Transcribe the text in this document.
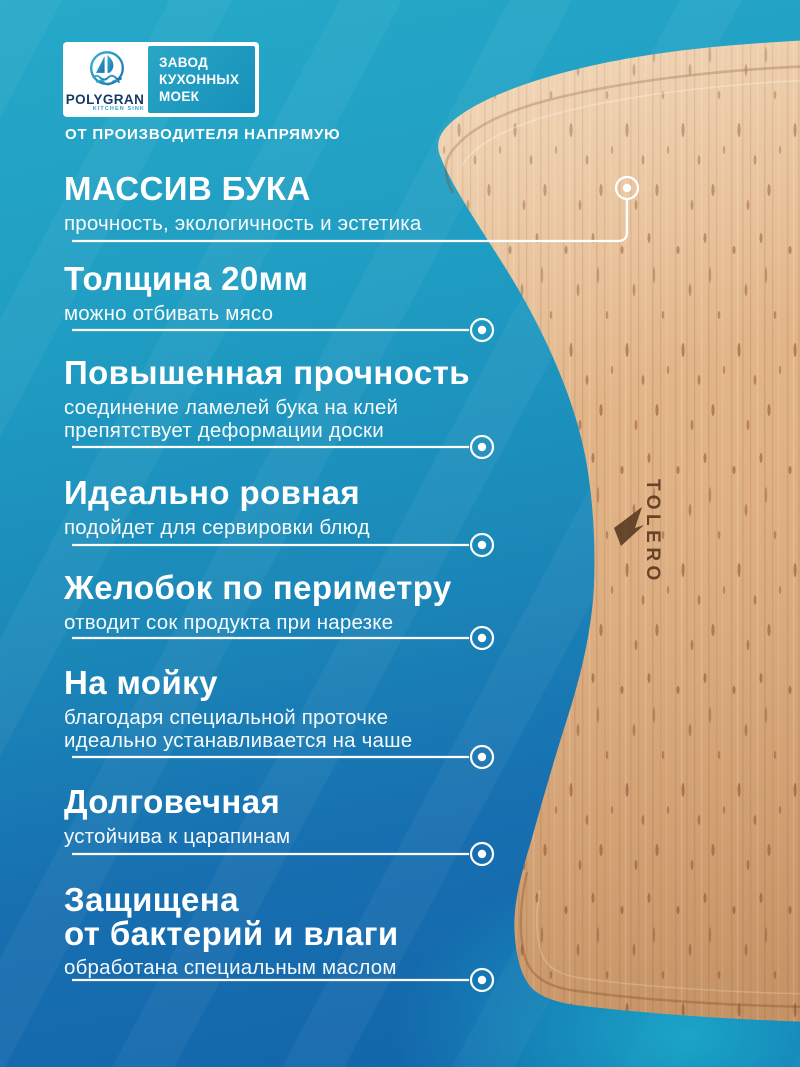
TOLERO
POLYGRAN
KITCHEN SINK
ЗАВОД КУХОННЫХ МОЕК
ОТ ПРОИЗВОДИТЕЛЯ НАПРЯМУЮ
МАССИВ БУКА

прочность, экологичность и эстетика

Толщина 20мм

можно отбивать мясо

Повышенная прочность

соединение ламелей бука на клей
препятствует деформации доски

Идеально ровная

подойдет для сервировки блюд

Желобок по периметру

отводит сок продукта при нарезке

На мойку

благодаря специальной проточке
идеально устанавливается на чаше

Долговечная

устойчива к царапинам

Защищена
от бактерий и влаги

обработана специальным маслом
